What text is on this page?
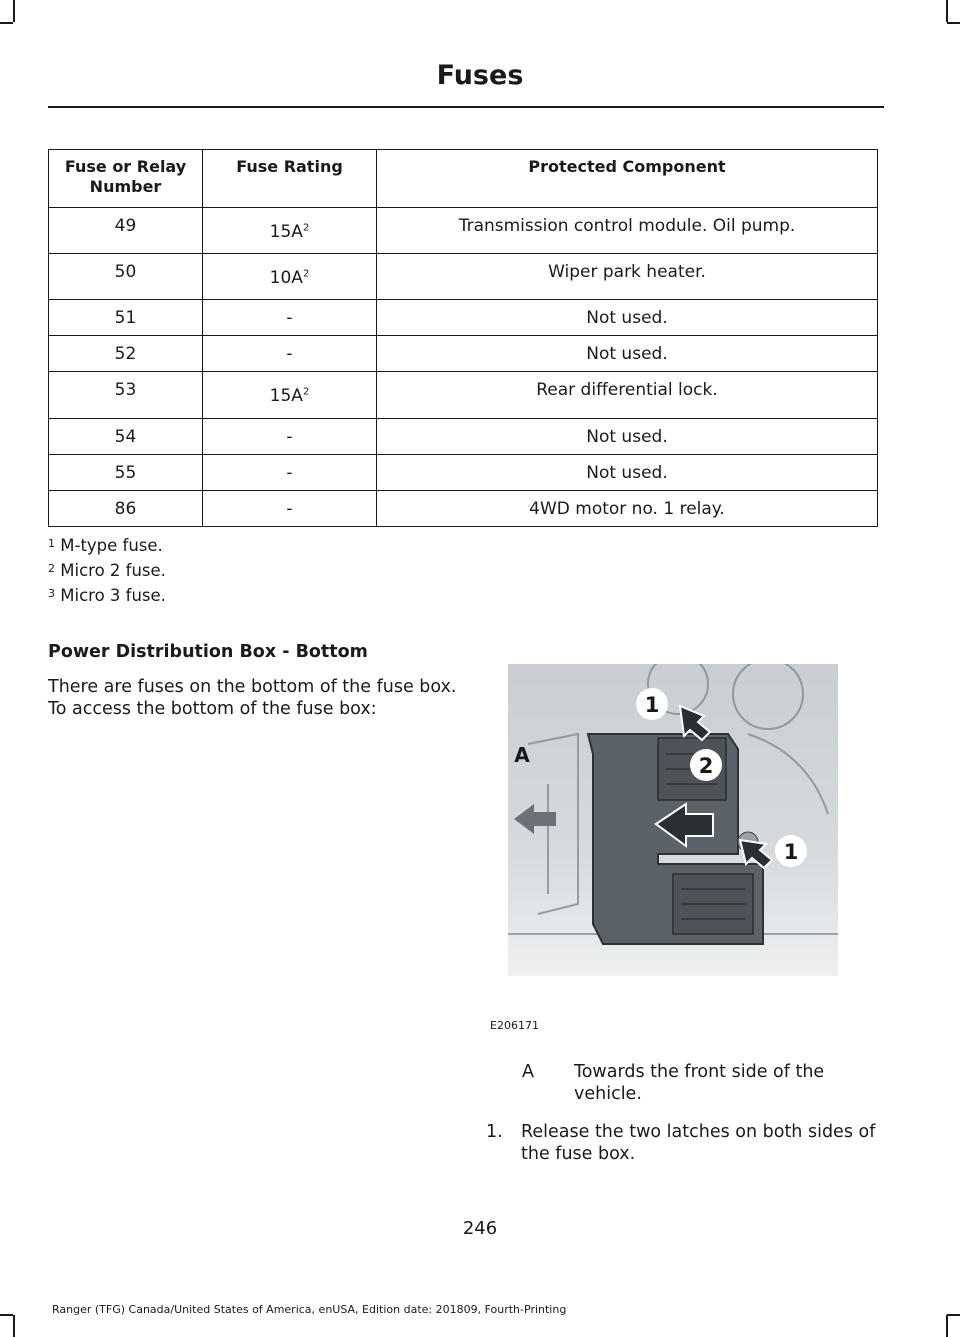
Fuses
Fuse or Relay Number	Fuse Rating	Protected Component
49	$15A^2$	Transmission control module. Oil pump.
50	$10A^2$	Wiper park heater.
51	-	Not used.
52	-	Not used.
53	$15A^2$	Rear differential lock.
54	-	Not used.
55	-	Not used.
86	-	4WD motor no. 1 relay.
$^1$ M-type fuse.
$^2$ Micro 2 fuse.
$^3$ Micro 3 fuse.
Power Distribution Box - Bottom
There are fuses on the bottom of the fuse box. To access the bottom of the fuse box:	1
2
1
A
E206171
A Towards the front side of the vehicle.
1. Release the two latches on both sides of the fuse box.
246
Ranger (TFG) Canada/United States of America, enUSA, Edition date: 201809, Fourth-Printing
